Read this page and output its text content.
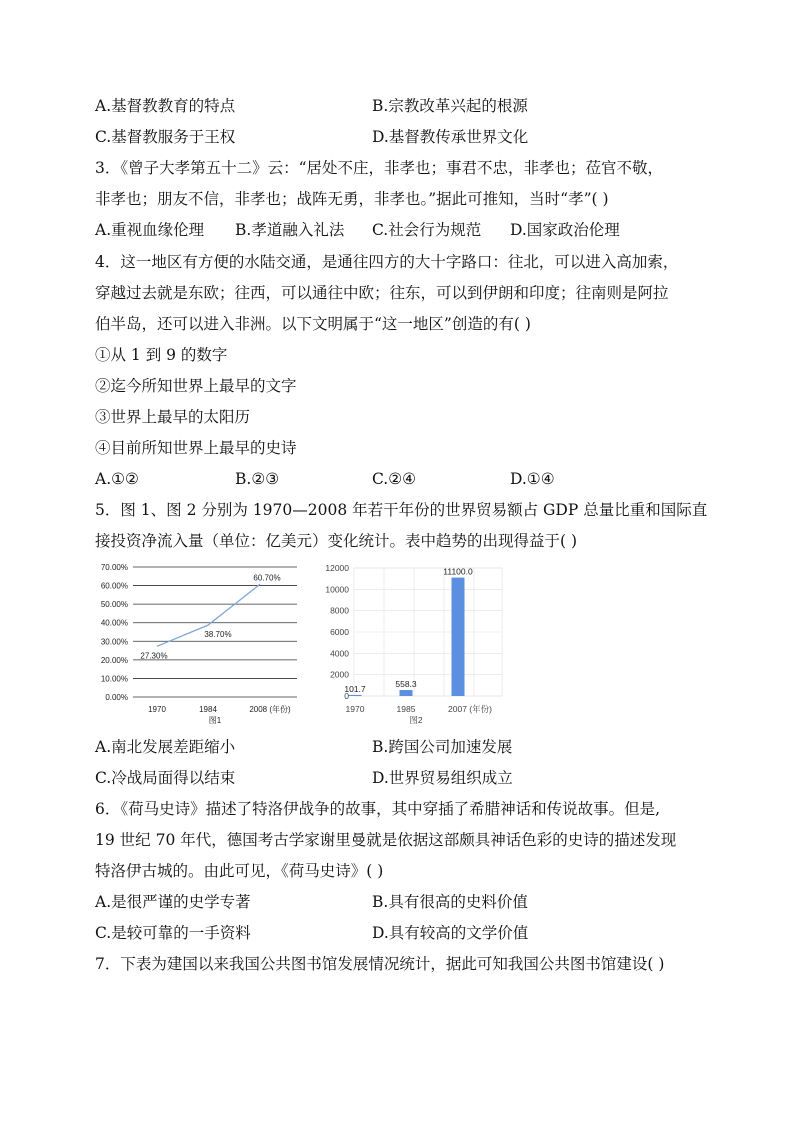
A.基督教教育的特点	B.宗教改革兴起的根源
C.基督教服务于王权	D.基督教传承世界文化
3．《曾子大孝第五十二》云：“居处不庄，非孝也；事君不忠，非孝也；莅官不敬，
非孝也；朋友不信，非孝也；战阵无勇，非孝也。”据此可推知，当时“孝”( )
A.重视血缘伦理 B.孝道融入礼法 C.社会行为规范 D.国家政治伦理
4．这一地区有方便的水陆交通，是通往四方的大十字路口：往北，可以进入高加索，
穿越过去就是东欧；往西，可以通往中欧；往东，可以到伊朗和印度；往南则是阿拉
伯半岛，还可以进入非洲。以下文明属于“这一地区”创造的有( )
①从 1 到 9 的数字
②迄今所知世界上最早的文字
③世界上最早的太阳历
④目前所知世界上最早的史诗
A.①②	B.②③	C.②④	D.①④
5．图 1、图 2 分别为 1970—2008 年若干年份的世界贸易额占 GDP 总量比重和国际直
接投资净流入量（单位：亿美元）变化统计。表中趋势的出现得益于( )
70.00%
60.00%
50.00%
40.00%
30.00%
20.00%
10.00%
0.00%
27.30%
38.70%
60.70%
1970	1984	2008 (年份)
图1
12000
10000
8000
6000
4000
2000
0
101.7	558.3
11100.0
1970	1985	2007 (年份)
图2
A.南北发展差距缩小	B.跨国公司加速发展
C.冷战局面得以结束	D.世界贸易组织成立
6．《荷马史诗》描述了特洛伊战争的故事，其中穿插了希腊神话和传说故事。但是,
19 世纪 70 年代，德国考古学家谢里曼就是依据这部颇具神话色彩的史诗的描述发现
特洛伊古城的。由此可见，《荷马史诗》( )
A.是很严谨的史学专著	B.具有很高的史料价值
C.是较可靠的一手资料	D.具有较高的文学价值
7．下表为建国以来我国公共图书馆发展情况统计，据此可知我国公共图书馆建设( )
